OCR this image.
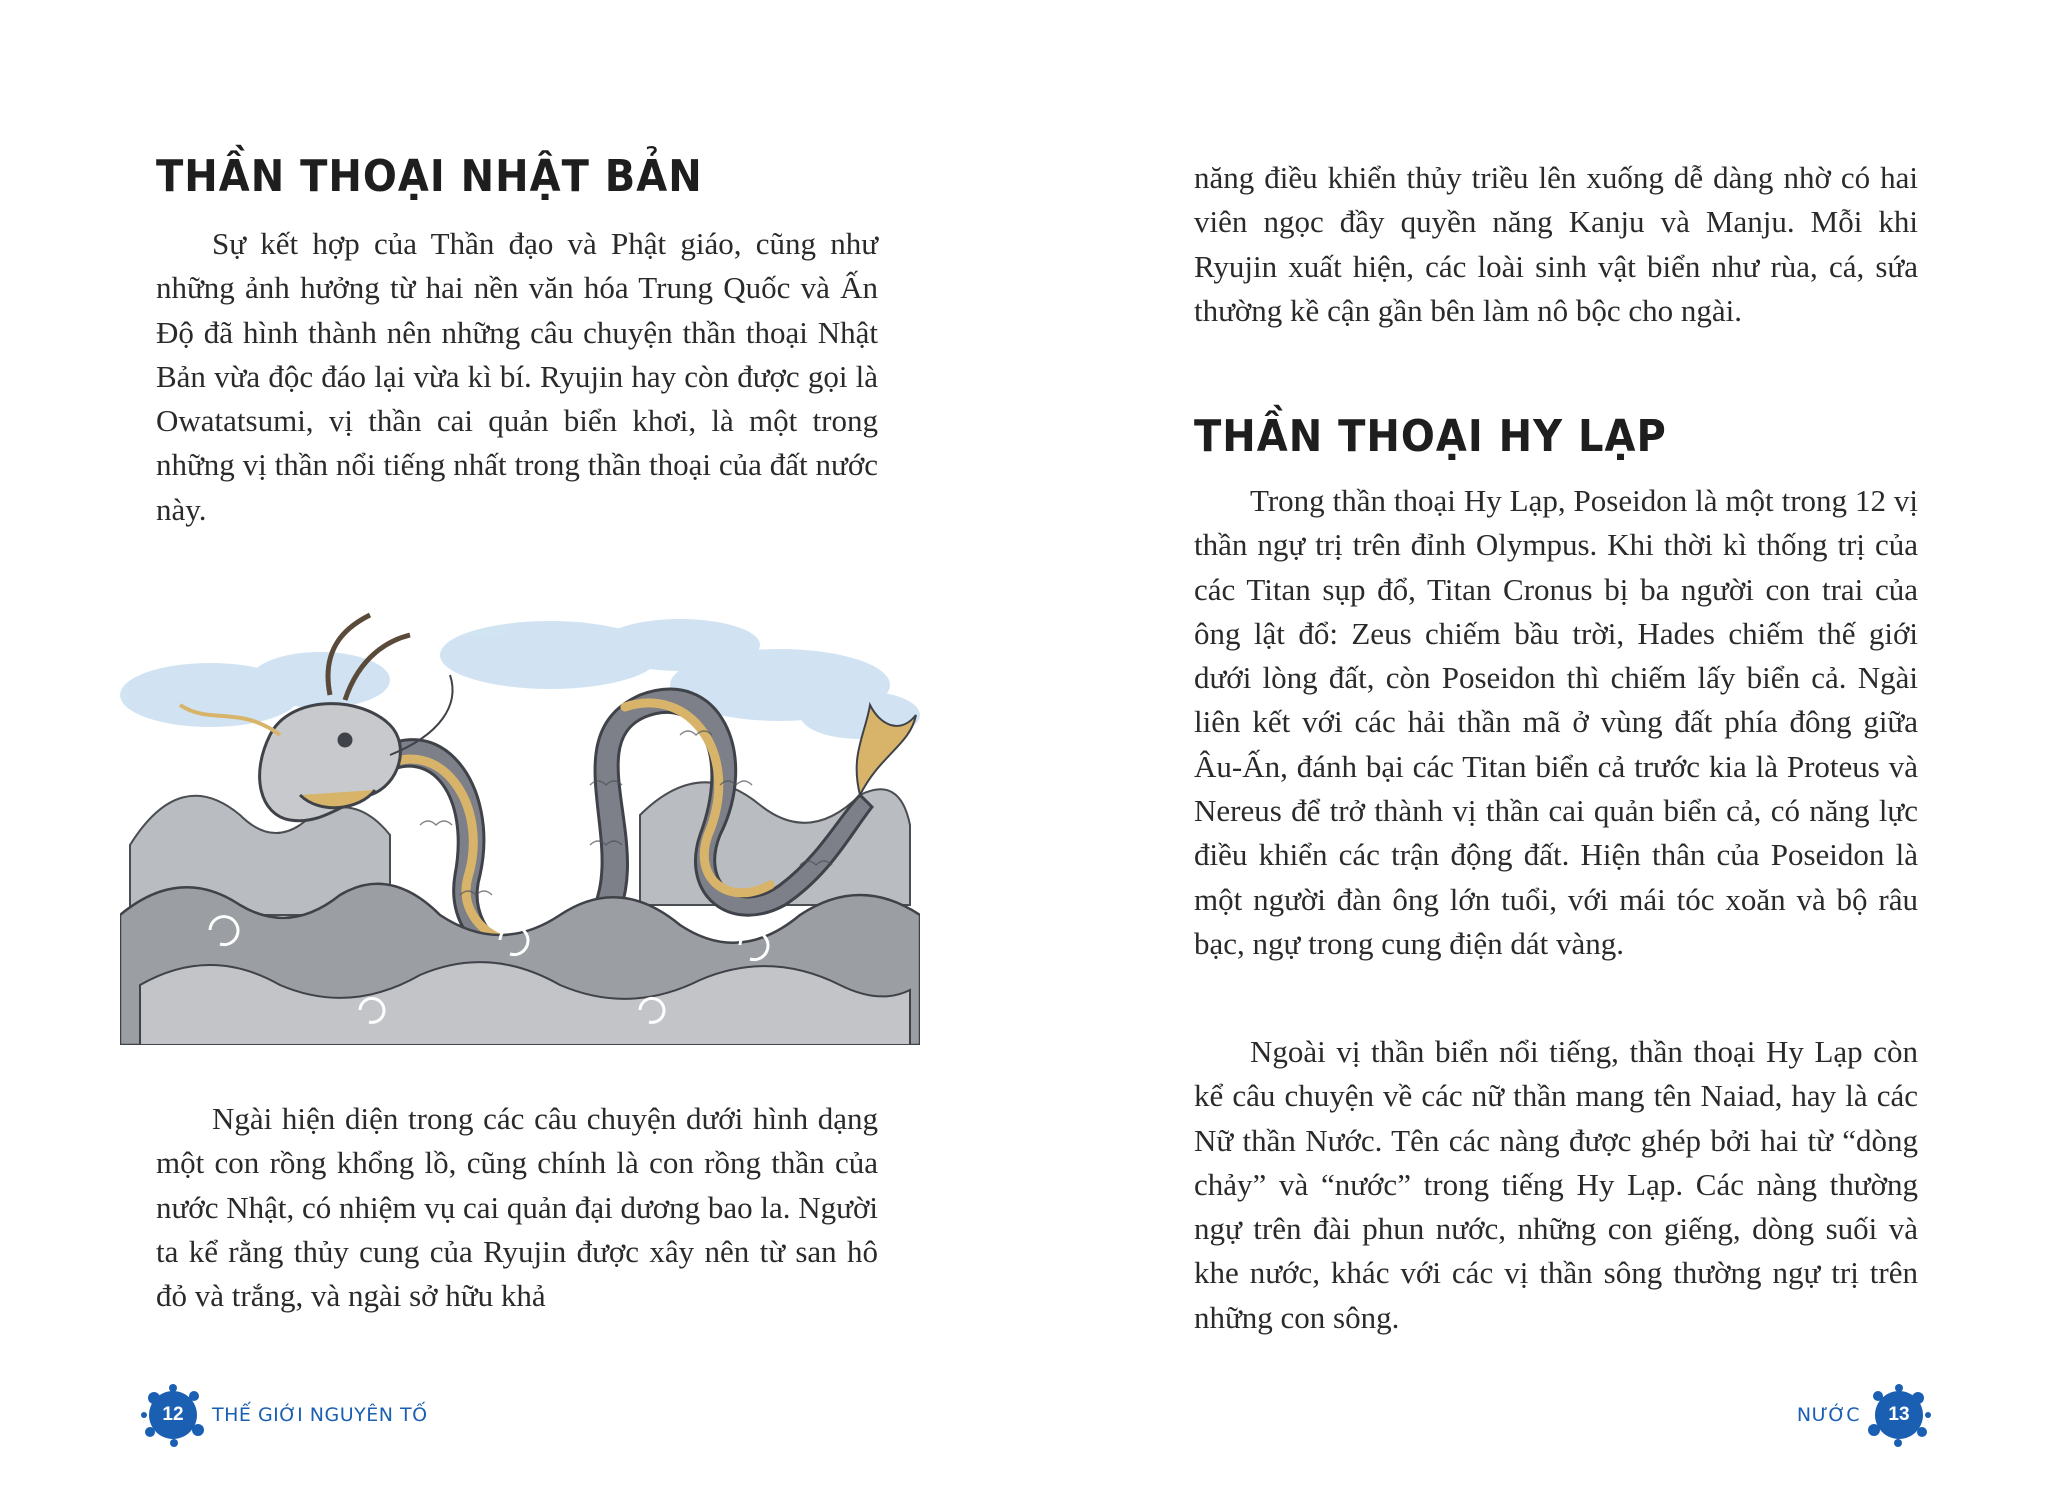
THẦN THOẠI NHẬT BẢN

Sự kết hợp của Thần đạo và Phật giáo, cũng như những ảnh hưởng từ hai nền văn hóa Trung Quốc và Ấn Độ đã hình thành nên những câu chuyện thần thoại Nhật Bản vừa độc đáo lại vừa kì bí. Ryujin hay còn được gọi là Owatatsumi, vị thần cai quản biển khơi, là một trong những vị thần nổi tiếng nhất trong thần thoại của đất nước này.

Ngài hiện diện trong các câu chuyện dưới hình dạng một con rồng khổng lồ, cũng chính là con rồng thần của nước Nhật, có nhiệm vụ cai quản đại dương bao la. Người ta kể rằng thủy cung của Ryujin được xây nên từ san hô đỏ và trắng, và ngài sở hữu khả

12	THẾ GIỚI NGUYÊN TỐ

năng điều khiển thủy triều lên xuống dễ dàng nhờ có hai viên ngọc đầy quyền năng Kanju và Manju. Mỗi khi Ryujin xuất hiện, các loài sinh vật biển như rùa, cá, sứa thường kề cận gần bên làm nô bộc cho ngài.

THẦN THOẠI HY LẠP

Trong thần thoại Hy Lạp, Poseidon là một trong 12 vị thần ngự trị trên đỉnh Olympus. Khi thời kì thống trị của các Titan sụp đổ, Titan Cronus bị ba người con trai của ông lật đổ: Zeus chiếm bầu trời, Hades chiếm thế giới dưới lòng đất, còn Poseidon thì chiếm lấy biển cả. Ngài liên kết với các hải thần mã ở vùng đất phía đông giữa Âu-Ấn, đánh bại các Titan biển cả trước kia là Proteus và Nereus để trở thành vị thần cai quản biển cả, có năng lực điều khiển các trận động đất. Hiện thân của Poseidon là một người đàn ông lớn tuổi, với mái tóc xoăn và bộ râu bạc, ngự trong cung điện dát vàng.

Ngoài vị thần biển nổi tiếng, thần thoại Hy Lạp còn kể câu chuyện về các nữ thần mang tên Naiad, hay là các Nữ thần Nước. Tên các nàng được ghép bởi hai từ “dòng chảy” và “nước” trong tiếng Hy Lạp. Các nàng thường ngự trên đài phun nước, những con giếng, dòng suối và khe nước, khác với các vị thần sông thường ngự trị trên những con sông.

NƯỚC	13
